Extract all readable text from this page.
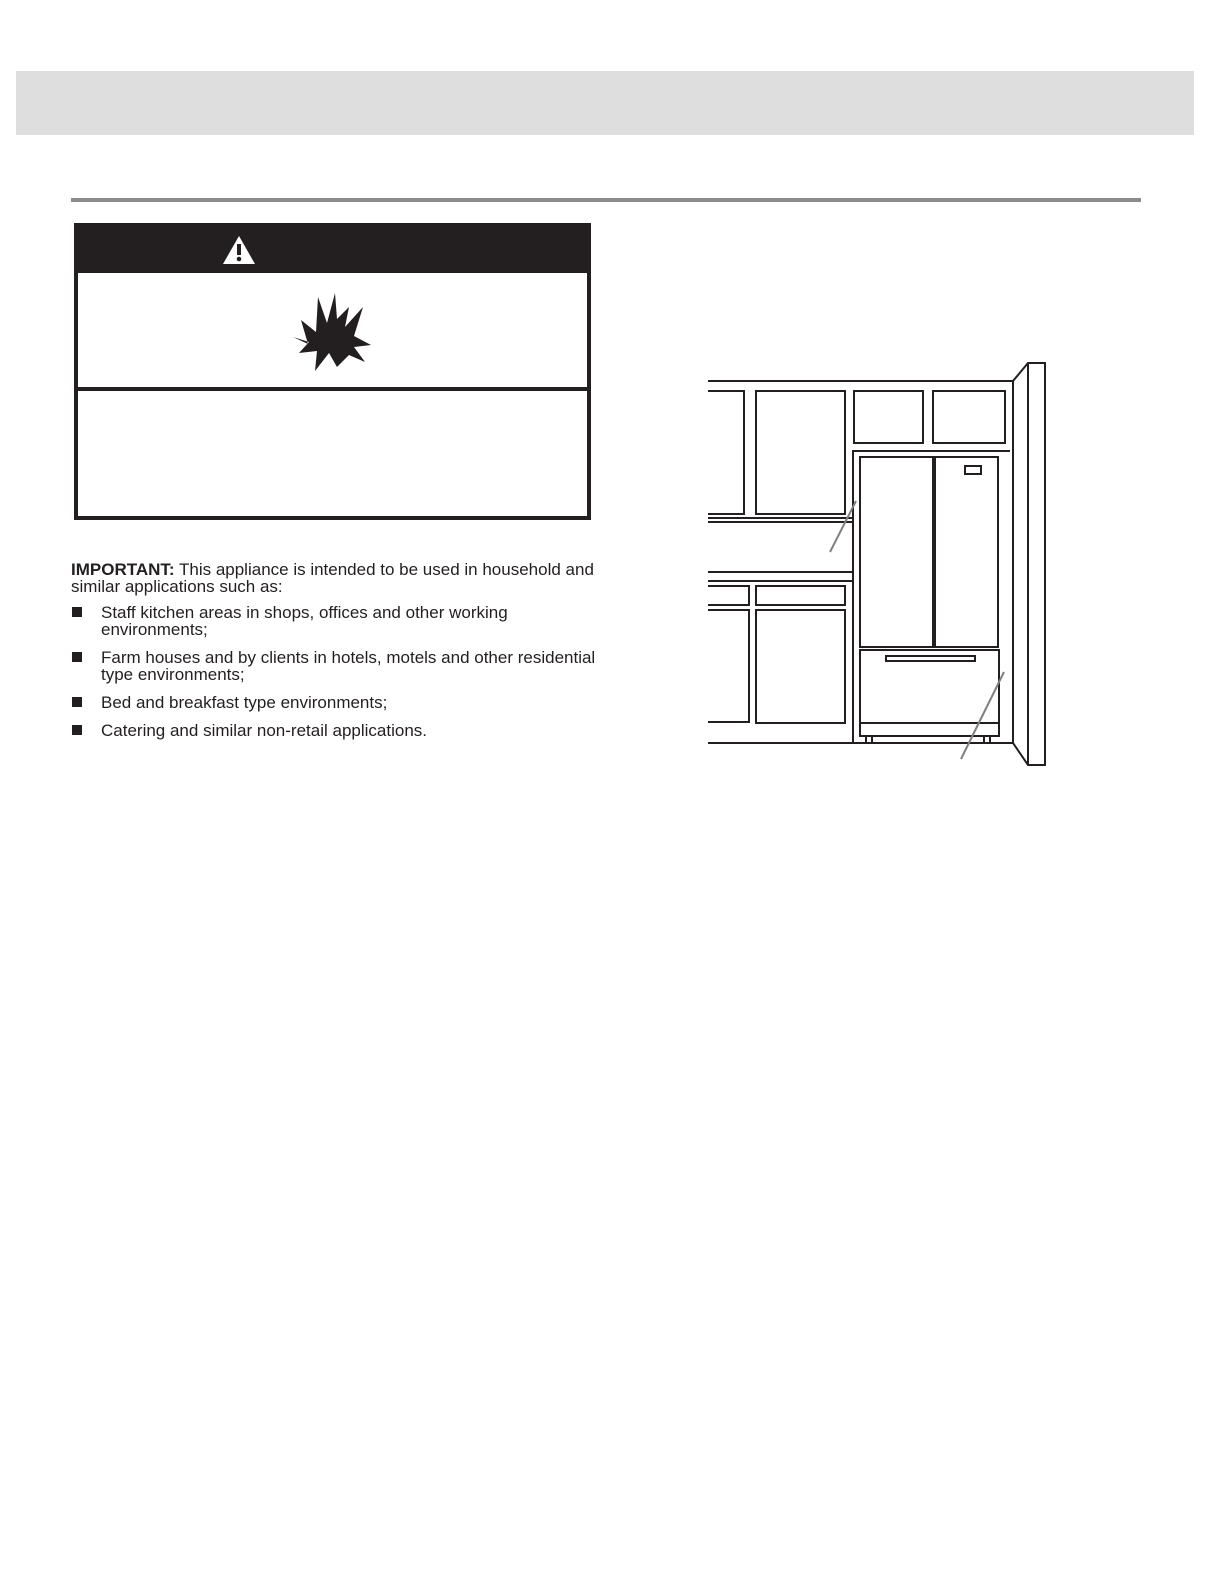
IMPORTANT: This appliance is intended to be used in household and similar applications such as:

Staff kitchen areas in shops, offices and other working environments;
Farm houses and by clients in hotels, motels and other residential type environments;
Bed and breakfast type environments;
Catering and similar non-retail applications.
